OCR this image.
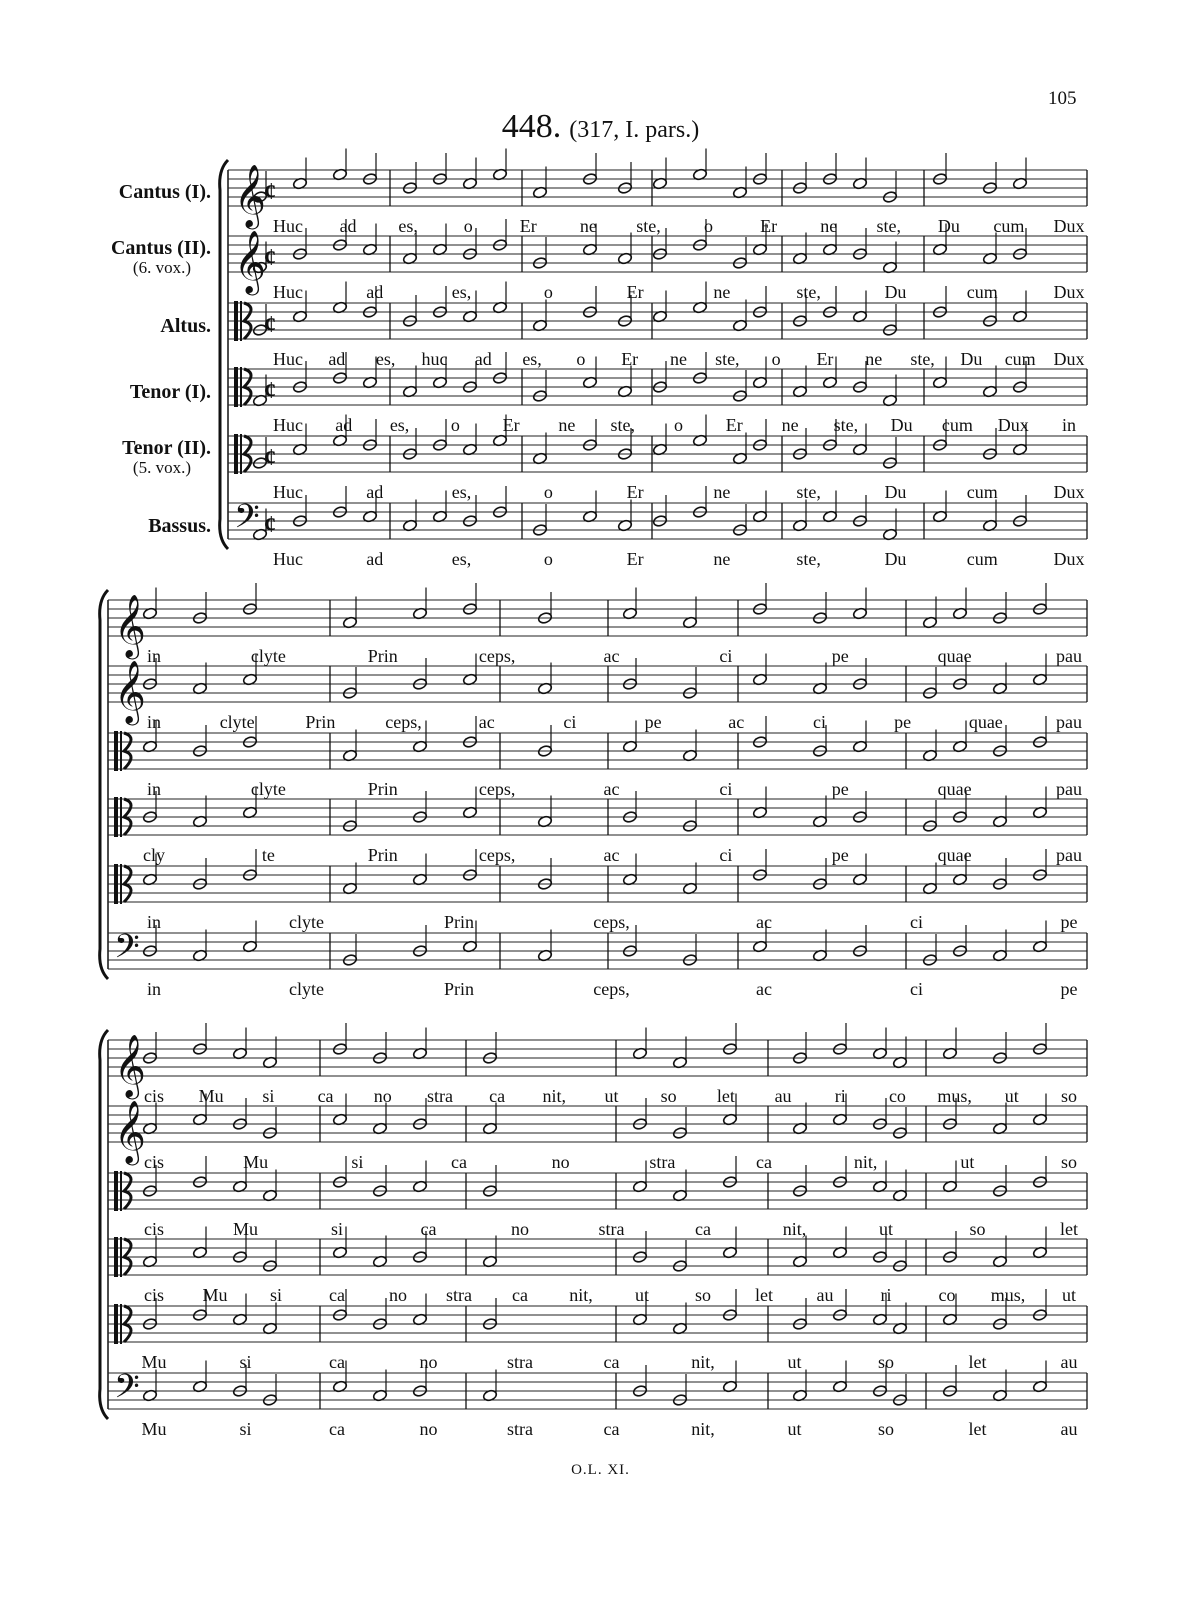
105
448. (317, I. pars.)
Cantus (I).
Cantus (II).
(6. vox.)
Altus.
Tenor (I).
Tenor (II).
(5. vox.)
Bassus.
𝄞
¢
Huc ad es,	o	Er ne ste, o	Er ne ste, Du cum Dux
𝄞
¢
Huc	ad	es,	o	Er	ne	ste,	Du	cum	Dux
¢
Huc ad es, huc ad es, o Er ne ste, o Er ne ste, Du cum Dux
¢
Huc ad es, o Er ne ste, o Er ne ste, Du cum Dux in
¢
Huc	ad	es,	o	Er	ne	ste,	Du	cum	Dux
𝄢 ¢
Huc	ad	es,	o	Er	ne	ste,	Du	cum	Dux
𝄞 in	clyte	Prin	ceps,	ac	ci	pe	quae	pau
𝄞 in	clyte	Prin	ceps,	ac	ci	pe	ac	ci	pe	quae	pau
in	clyte	Prin	ceps,	ac	ci	pe	quae	pau
cly	te	Prin	ceps,	ac	ci	pe	quae	pau
in	clyte	Prin	ceps,	ac	ci	pe
𝄢
in	clyte	Prin	ceps,	ac	ci	pe
𝄞
cis Mu si ca no stra ca nit, ut so let au ri co mus, ut so
𝄞
cis	Mu	si	ca	no	stra	ca	nit,	ut	so
cis	Mu	si	ca	no	stra	ca	nit,	ut	so	let
cis Mu si	ca no stra ca nit, ut	so let au	ri	co mus, ut
Mu	si	ca	no	stra	ca	nit,	ut	so	let	au
𝄢
Mu	si	ca	no	stra	ca	nit,	ut	so	let	au
O.L. XI.
